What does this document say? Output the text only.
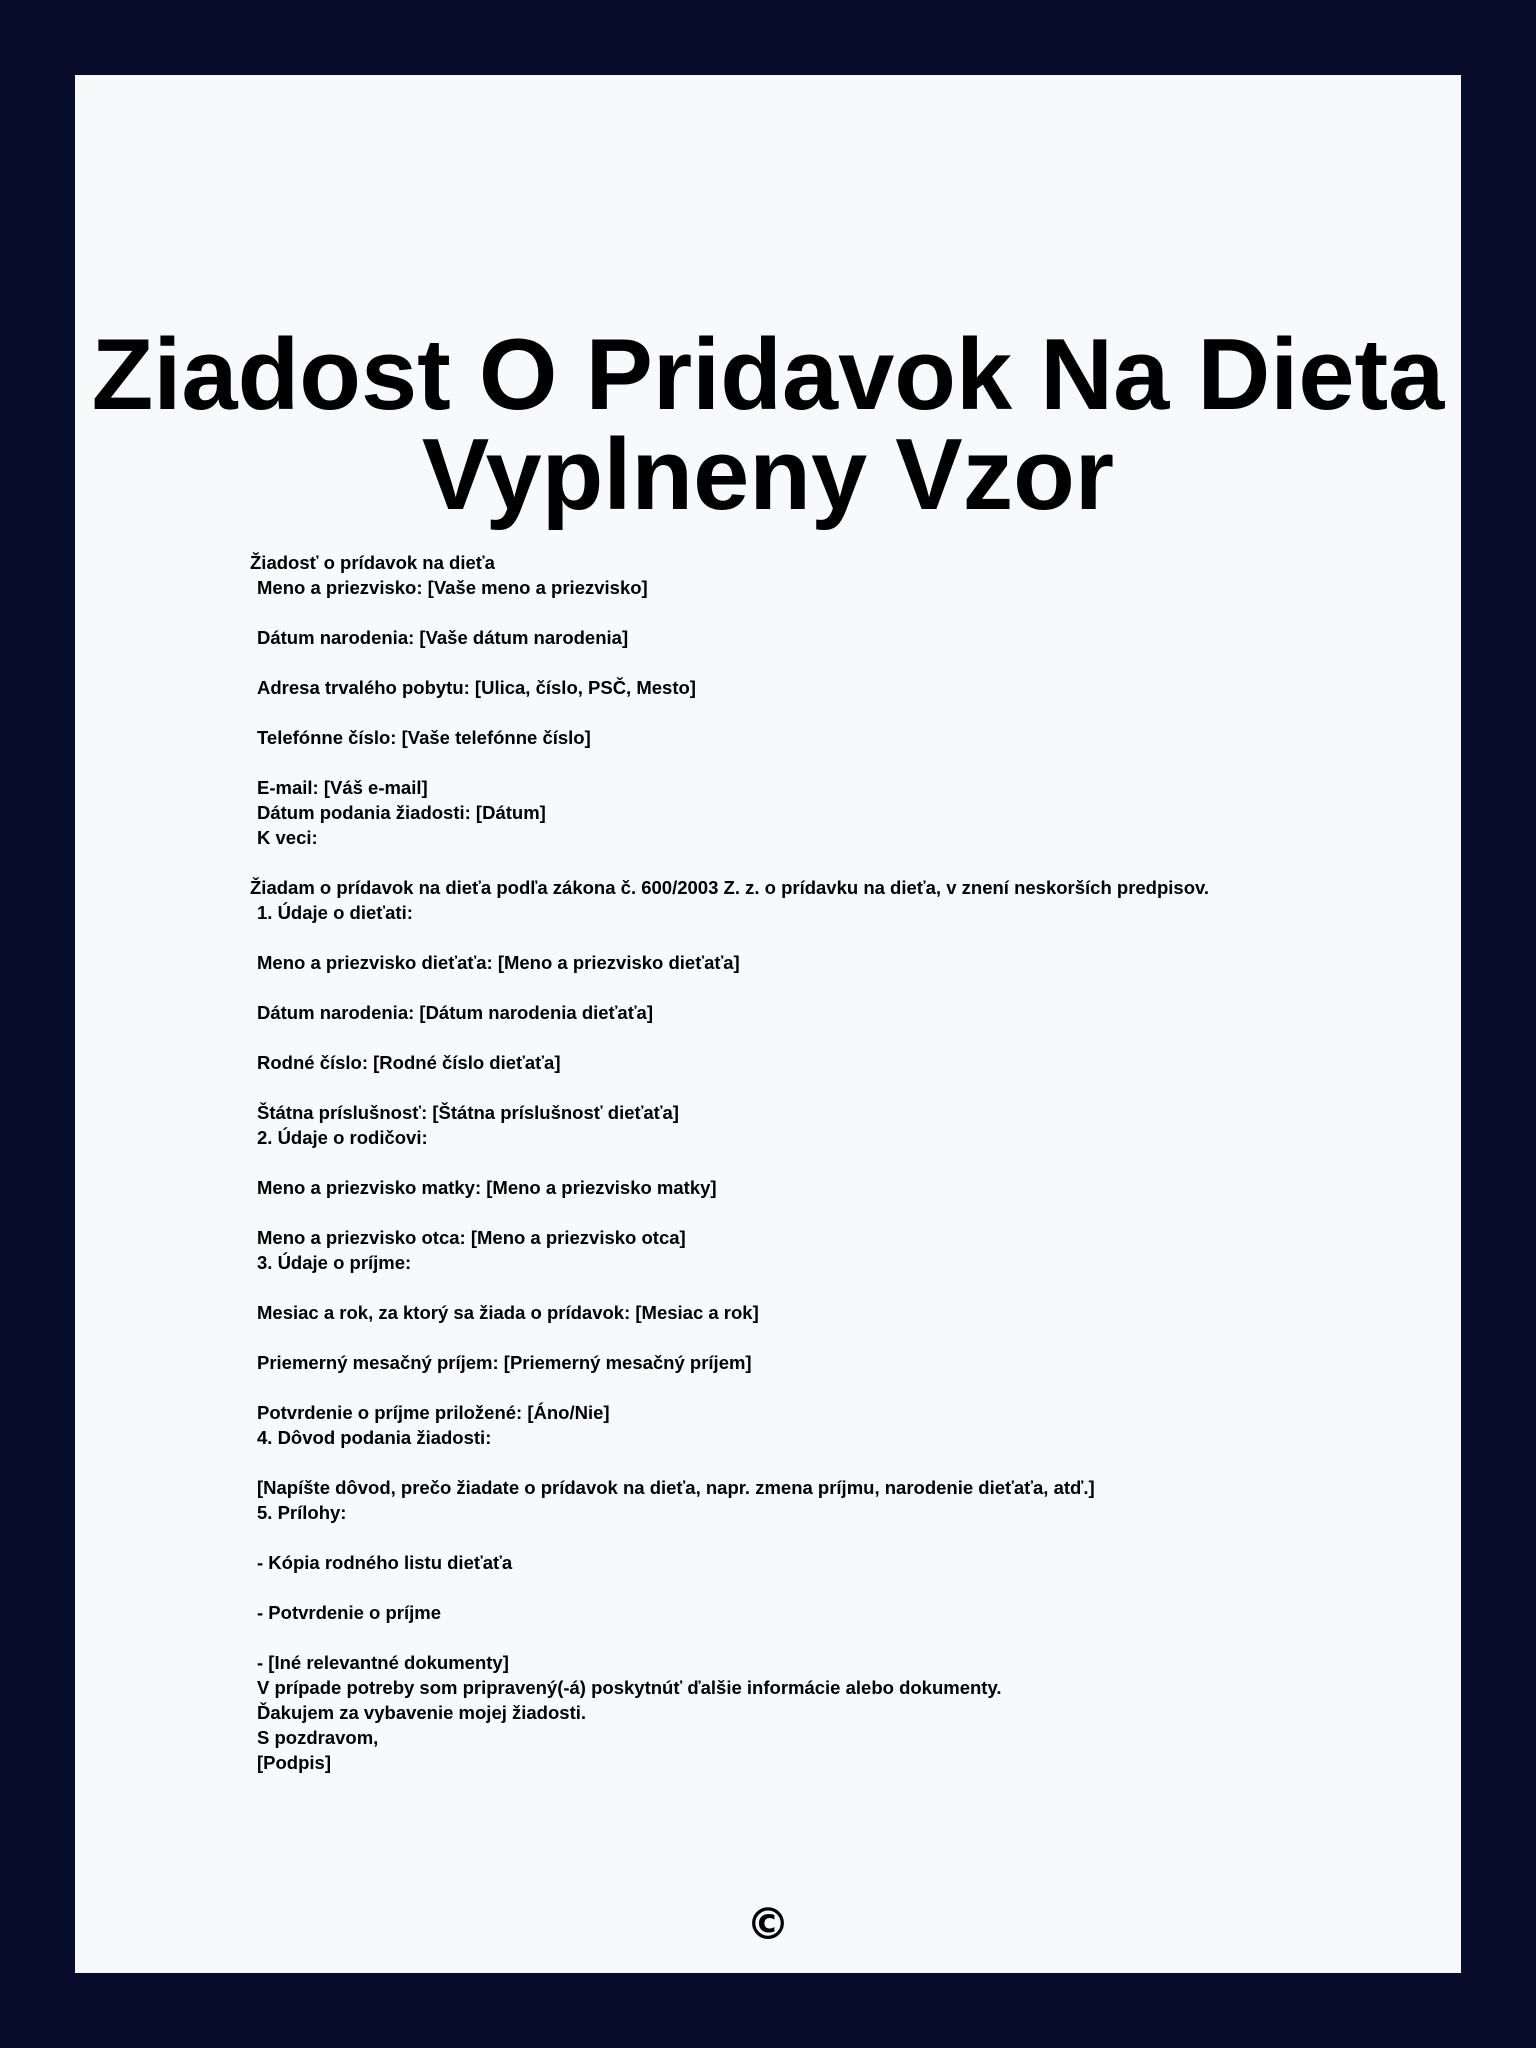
Ziadost O Pridavok Na Dieta
Vyplneny Vzor
Žiadosť o prídavok na dieťa
Meno a priezvisko: [Vaše meno a priezvisko]
Dátum narodenia: [Vaše dátum narodenia]
Adresa trvalého pobytu: [Ulica, číslo, PSČ, Mesto]
Telefónne číslo: [Vaše telefónne číslo]
E-mail: [Váš e-mail]
Dátum podania žiadosti: [Dátum]
K veci:
Žiadam o prídavok na dieťa podľa zákona č. 600/2003 Z. z. o prídavku na dieťa, v znení neskorších predpisov.
1. Údaje o dieťati:
Meno a priezvisko dieťaťa: [Meno a priezvisko dieťaťa]
Dátum narodenia: [Dátum narodenia dieťaťa]
Rodné číslo: [Rodné číslo dieťaťa]
Štátna príslušnosť: [Štátna príslušnosť dieťaťa]
2. Údaje o rodičovi:
Meno a priezvisko matky: [Meno a priezvisko matky]
Meno a priezvisko otca: [Meno a priezvisko otca]
3. Údaje o príjme:
Mesiac a rok, za ktorý sa žiada o prídavok: [Mesiac a rok]
Priemerný mesačný príjem: [Priemerný mesačný príjem]
Potvrdenie o príjme priložené: [Áno/Nie]
4. Dôvod podania žiadosti:
[Napíšte dôvod, prečo žiadate o prídavok na dieťa, napr. zmena príjmu, narodenie dieťaťa, atď.]
5. Prílohy:
- Kópia rodného listu dieťaťa
- Potvrdenie o príjme
- [Iné relevantné dokumenty]
V prípade potreby som pripravený(-á) poskytnúť ďalšie informácie alebo dokumenty.
Ďakujem za vybavenie mojej žiadosti.
S pozdravom,
[Podpis]
©
